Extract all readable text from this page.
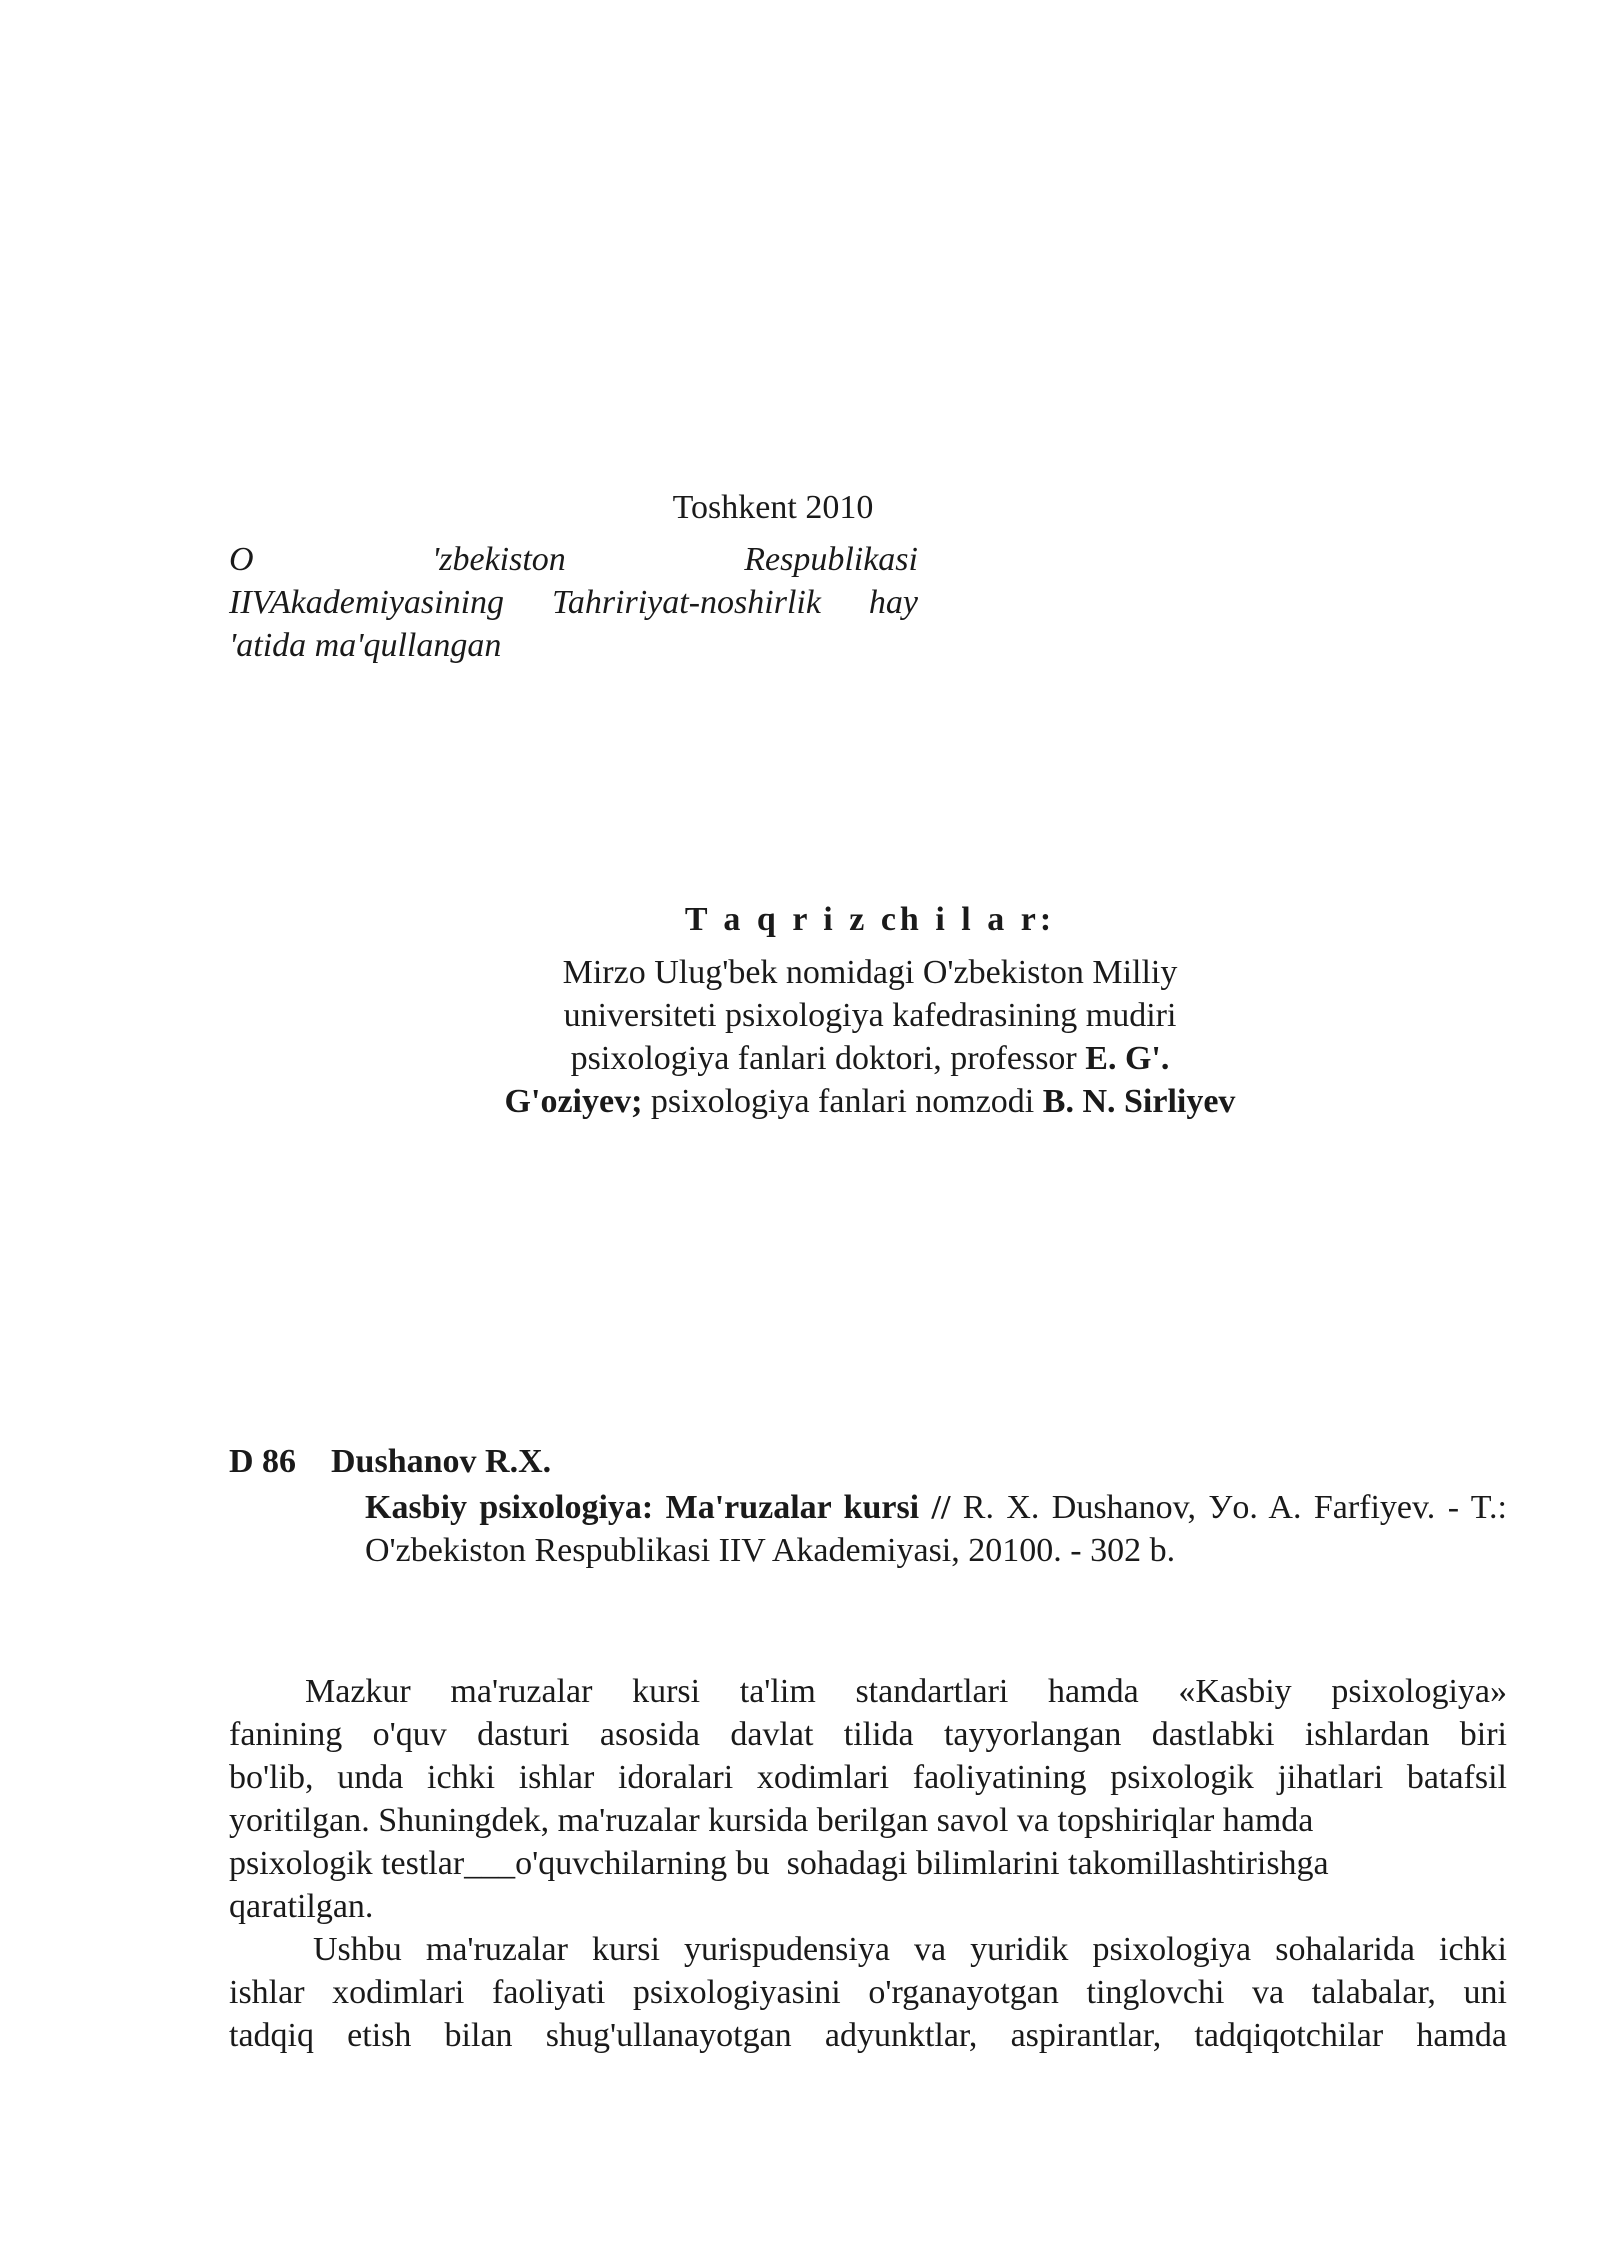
Toshkent 2010
O 'zbekiston Respublikasi
IIVAkademiyasining Tahririyat-noshirlik hay
'atida ma'qullangan
T a q r i z ch i l a r:
Mirzo Ulug'bek nomidagi O'zbekiston Milliy universiteti psixologiya kafedrasining mudiri psixologiya fanlari doktori, professor E. G'. G'oziyev; psixologiya fanlari nomzodi B. N. Sirliyev
D 86 Dushanov R.X.
Kasbiy psixologiya: Ma'ruzalar kursi // R. X. Dushanov, Уo. A. Farfiyev. - T.: O'zbekiston Respublikasi IIV Akademiyasi, 20100. - 302 b.

Mazkur ma'ruzalar kursi ta'lim standartlari hamda «Kasbiy psixologiya»
fanining o'quv dasturi asosida davlat tilida tayyorlangan dastlabki ishlardan biri
bo'lib, unda ichki ishlar idoralari xodimlari faoliyatining psixologik jihatlari batafsil
yoritilgan. Shuningdek, ma'ruzalar kursida berilgan savol va topshiriqlar hamda
psixologik testlar___o'quvchilarning bu  sohadagi bilimlarini takomillashtirishga
qaratilgan.

Ushbu ma'ruzalar kursi yurispudensiya va yuridik psixologiya sohalarida ichki
ishlar xodimlari faoliyati psixologiyasini o'rganayotgan tinglovchi va talabalar, uni
tadqiq etish bilan shug'ullanayotgan adyunktlar, aspirantlar, tadqiqotchilar hamda
